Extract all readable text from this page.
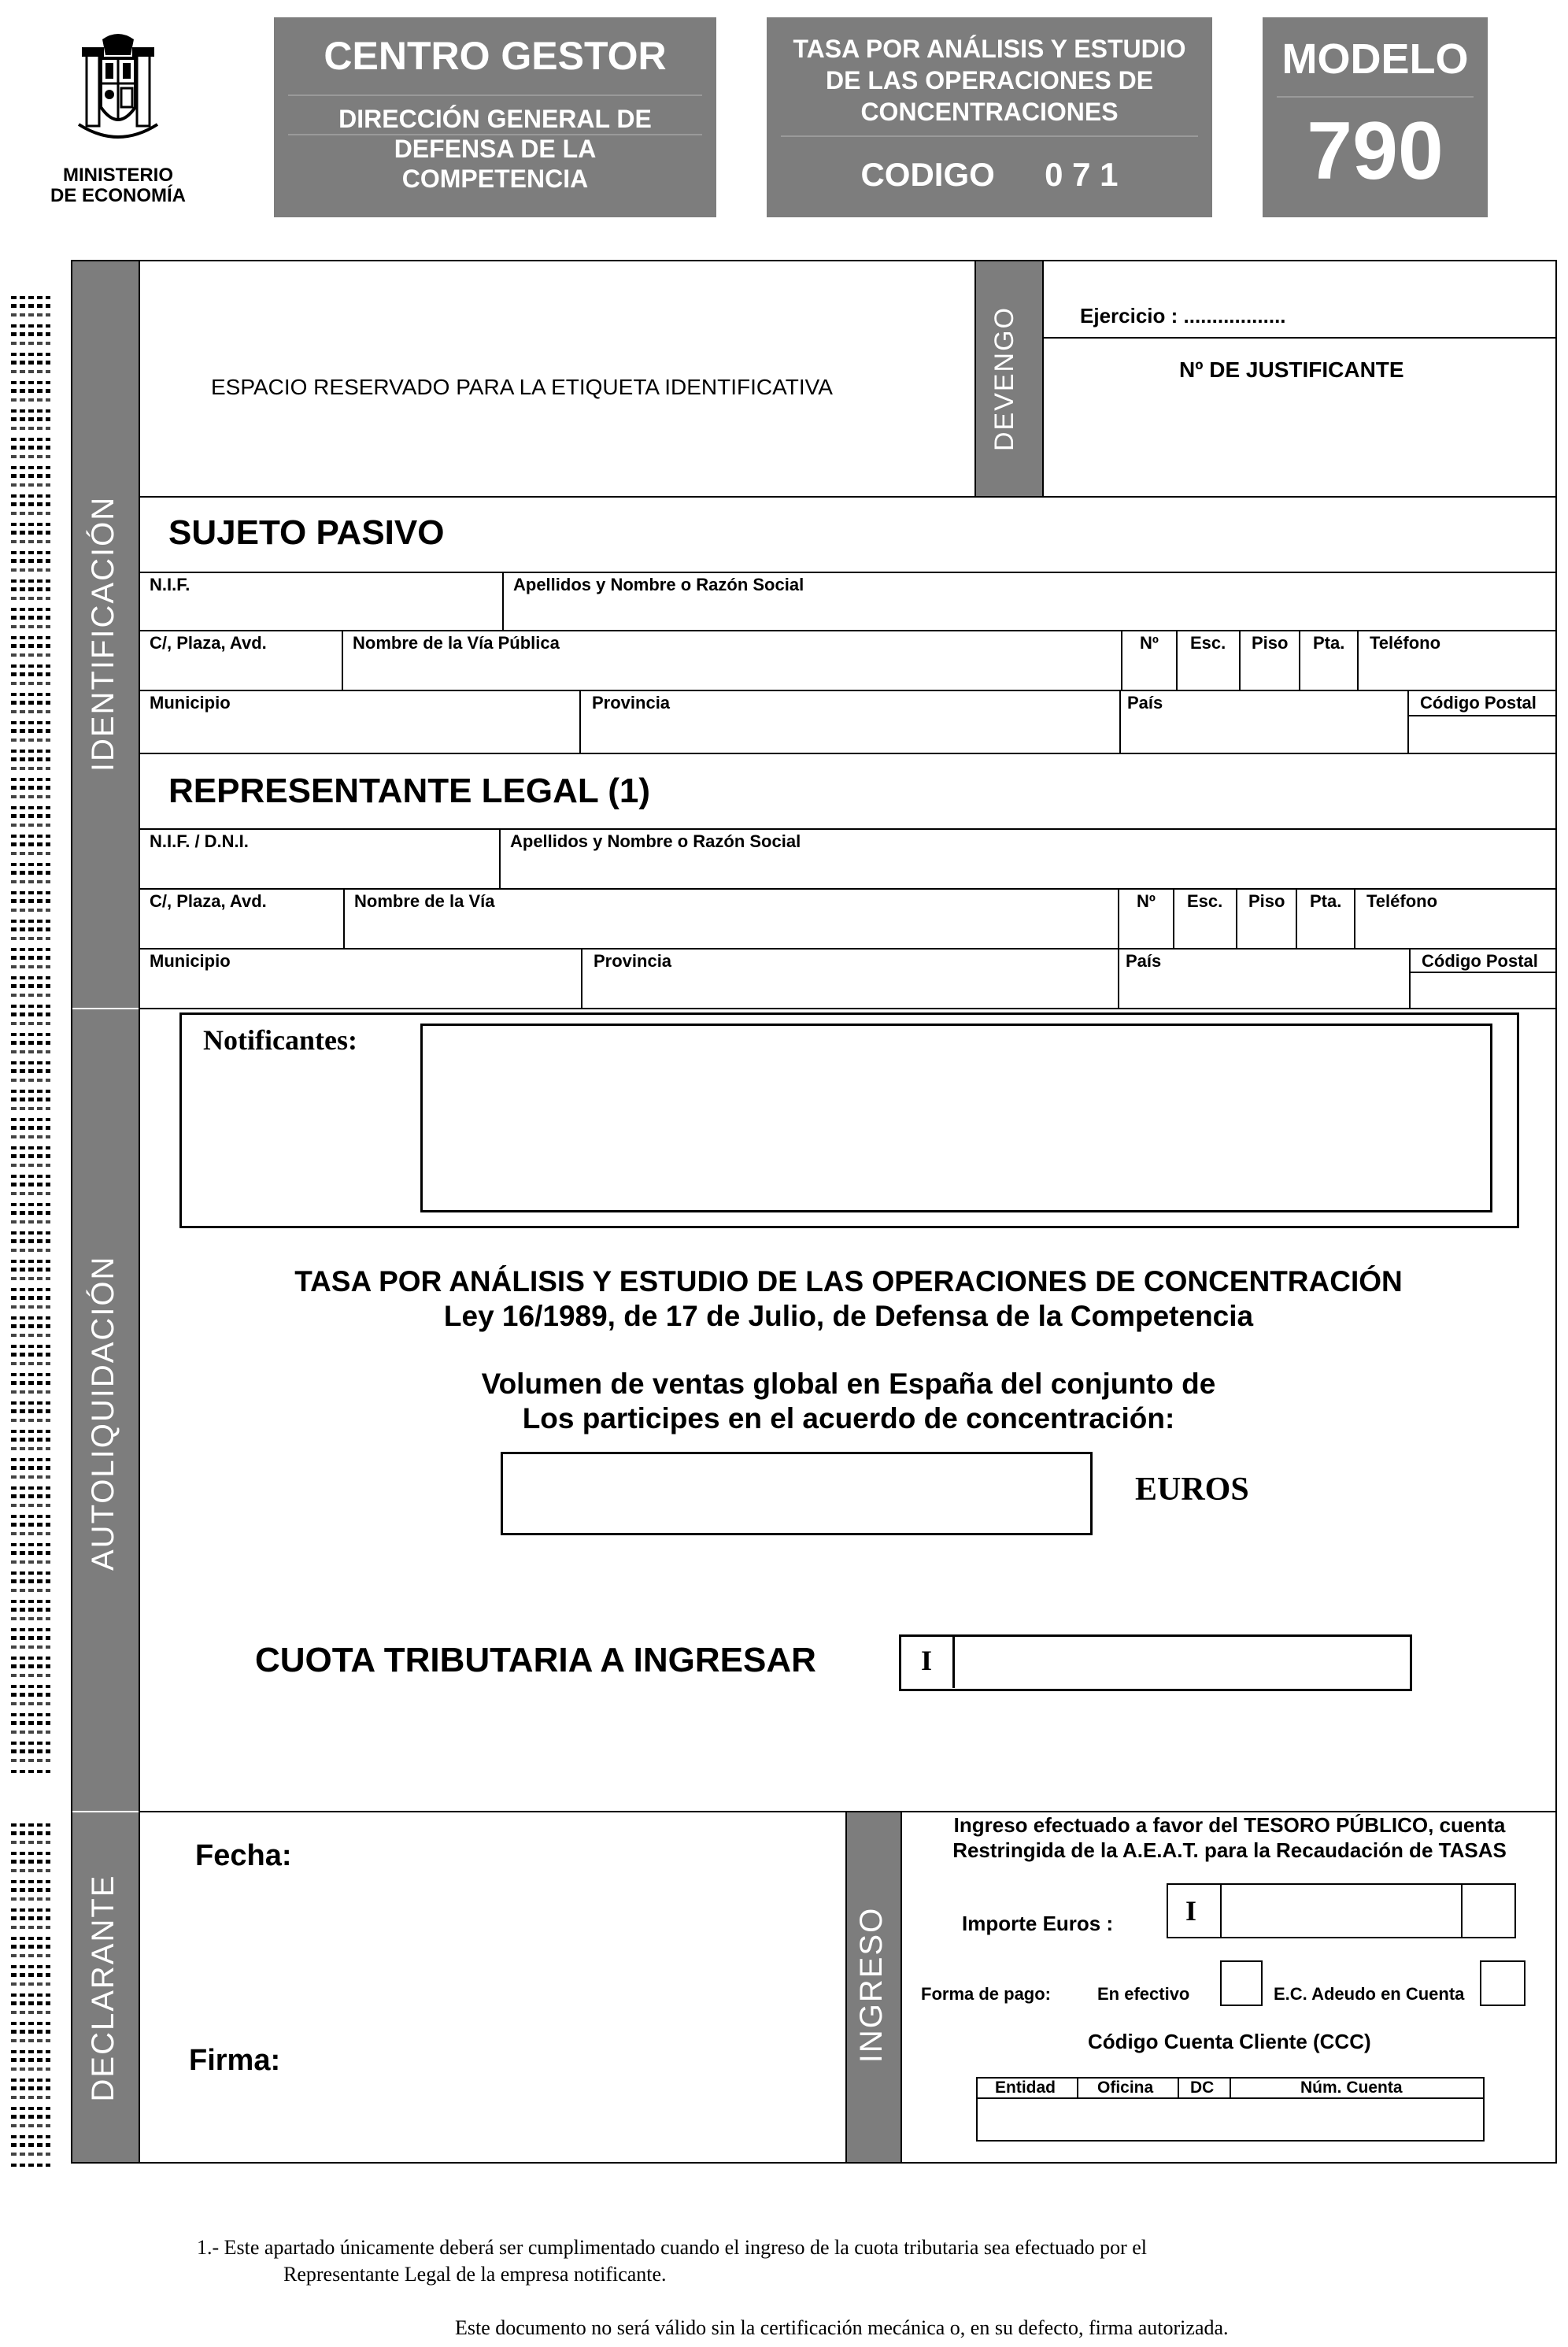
MINISTERIO
DE ECONOMÍA
CENTRO GESTOR
DIRECCIÓN GENERAL DE
DEFENSA DE LA
COMPETENCIA
TASA POR ANÁLISIS Y ESTUDIO
DE LAS OPERACIONES DE
CONCENTRACIONES
CODIGO 0 7 1
MODELO
790
IDENTIFICACIÓN
AUTOLIQUIDACIÓN
DECLARANTE
ESPACIO RESERVADO PARA LA ETIQUETA IDENTIFICATIVA	DEVENGO	Ejercicio : ..................
Nº DE JUSTIFICANTE
SUJETO PASIVO
N.I.F.	Apellidos y Nombre o Razón Social
C/, Plaza, Avd.	Nombre de la Vía Pública	Nº Esc. Piso Pta. Teléfono
Municipio	Provincia	País	Código Postal
REPRESENTANTE LEGAL (1)
N.I.F. / D.N.I.	Apellidos y Nombre o Razón Social
C/, Plaza, Avd.	Nombre de la Vía	Nº Esc. Piso Pta. Teléfono
Municipio	Provincia	País	Código Postal
Notificantes:
TASA POR ANÁLISIS Y ESTUDIO DE LAS OPERACIONES DE CONCENTRACIÓN
Ley 16/1989, de 17 de Julio, de Defensa de la Competencia
Volumen de ventas global en España del conjunto de
Los participes en el acuerdo de concentración:
EUROS
CUOTA TRIBUTARIA A INGRESAR	I
Fecha:
Firma:	INGRESO
Ingreso efectuado a favor del TESORO PÚBLICO, cuenta
Restringida de la A.E.A.T. para la Recaudación de TASAS
Importe Euros :	I
Forma de pago:	En efectivo	E.C. Adeudo en Cuenta
Código Cuenta Cliente (CCC)
Entidad	Oficina DC	Núm. Cuenta
1.- Este apartado únicamente deberá ser cumplimentado cuando el ingreso de la cuota tributaria sea efectuado por el
Representante Legal de la empresa notificante.
Este documento no será válido sin la certificación mecánica o, en su defecto, firma autorizada.
